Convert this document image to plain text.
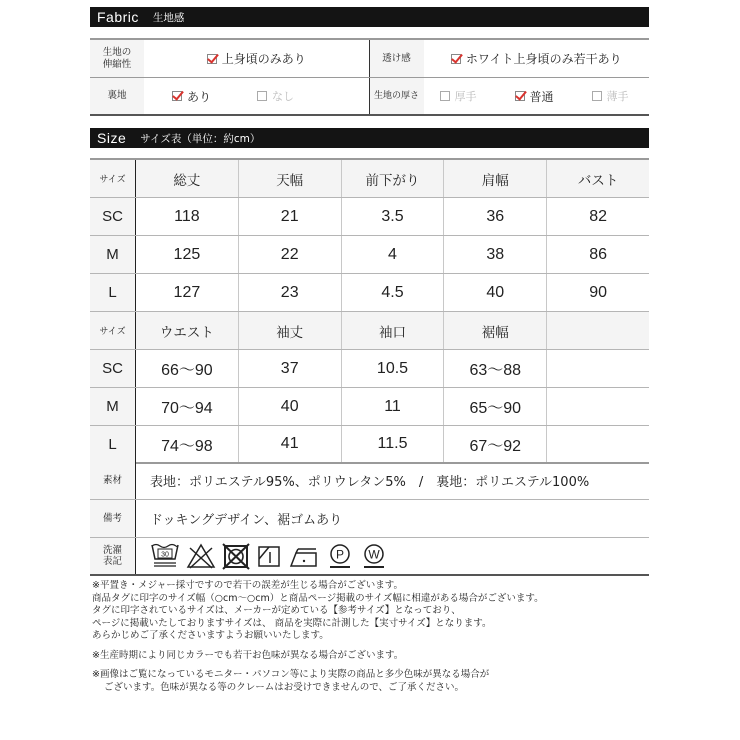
Fabric 生地感
生地の
伸縮性	上身頃のみあり	透け感	ホワイト上身頃のみ若干あり
裏地	あり	なし	生地の厚さ	厚手	普通	薄手
Size サイズ表（単位：約cm）
サイズ	総丈	天幅	前下がり	肩幅	バスト
SC	118	21	3.5	36	82
M	125	22	4	38	86
L	127	23	4.5	40	90
サイズ	ウエスト	袖丈	袖口	裾幅
SC	66〜90	37	10.5	63〜88
M	70〜94	40	11	65〜90
L	74〜98	41	11.5	67〜92
素材	表地：ポリエステル95%、ポリウレタン5%　/　裏地：ポリエステル100%
備考	ドッキングデザイン、裾ゴムあり
洗濯
表記
30	P W

※平置き・メジャー採寸ですので若干の誤差が生じる場合がございます。

商品タグに印字のサイズ幅（○cm〜○cm）と商品ページ掲載のサイズ幅に相違がある場合がございます。

タグに印字されているサイズは、メーカーが定めている【参考サイズ】となっており、

ページに掲載いたしておりますサイズは、 商品を実際に計測した【実寸サイズ】となります。

あらかじめご了承くださいますようお願いいたします。

※生産時期により同じカラーでも若干お色味が異なる場合がございます。

※画像はご覧になっているモニター・パソコン等により実際の商品と多少色味が異なる場合が

ございます。色味が異なる等のクレームはお受けできませんので、ご了承ください。
